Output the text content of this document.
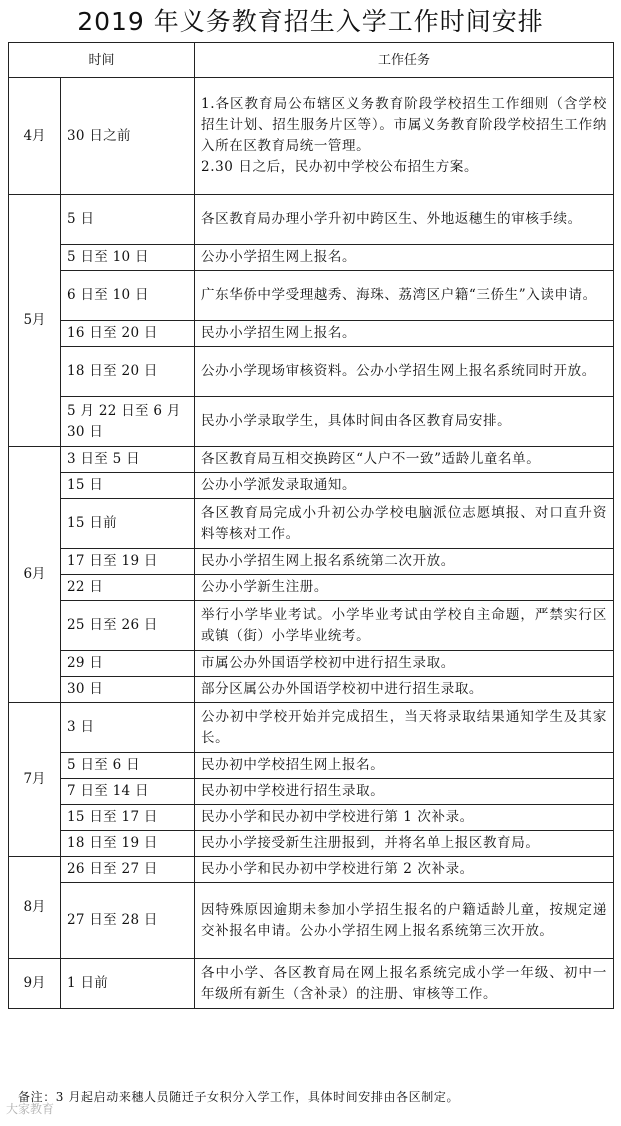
2019 年义务教育招生入学工作时间安排
时间		工作任务
4月	30 日之前	1.各区教育局公布辖区义务教育阶段学校招生工作细则（含学校招生计划、招生服务片区等）。市属义务教育阶段学校招生工作纳入所在区教育局统一管理。
2.30 日之后，民办初中学校公布招生方案。

5月	5 日	各区教育局办理小学升初中跨区生、外地返穗生的审核手续。

	5 日至 10 日	公办小学招生网上报名。

	6 日至 10 日	广东华侨中学受理越秀、海珠、荔湾区户籍“三侨生”入读申请。

	16 日至 20 日	民办小学招生网上报名。

	18 日至 20 日	公办小学现场审核资料。公办小学招生网上报名系统同时开放。

	5 月 22 日至 6 月 30 日	民办小学录取学生，具体时间由各区教育局安排。

6月	3 日至 5 日	各区教育局互相交换跨区“人户不一致”适龄儿童名单。

	15 日	公办小学派发录取通知。

	15 日前	各区教育局完成小升初公办学校电脑派位志愿填报、对口直升资料等核对工作。

	17 日至 19 日	民办小学招生网上报名系统第二次开放。

	22 日	公办小学新生注册。

	25 日至 26 日	举行小学毕业考试。小学毕业考试由学校自主命题，严禁实行区或镇（街）小学毕业统考。

	29 日	市属公办外国语学校初中进行招生录取。

	30 日	部分区属公办外国语学校初中进行招生录取。

7月	3 日	公办初中学校开始并完成招生，当天将录取结果通知学生及其家长。

	5 日至 6 日	民办初中学校招生网上报名。

	7 日至 14 日	民办初中学校进行招生录取。

	15 日至 17 日	民办小学和民办初中学校进行第 1 次补录。

	18 日至 19 日	民办小学接受新生注册报到，并将名单上报区教育局。

8月	26 日至 27 日	民办小学和民办初中学校进行第 2 次补录。

	27 日至 28 日	因特殊原因逾期未参加小学招生报名的户籍适龄儿童，按规定递交补报名申请。公办小学招生网上报名系统第三次开放。

9月	1 日前	各中小学、各区教育局在网上报名系统完成小学一年级、初中一年级所有新生（含补录）的注册、审核等工作。
备注：3 月起启动来穗人员随迁子女积分入学工作，具体时间安排由各区制定。
大家教育
